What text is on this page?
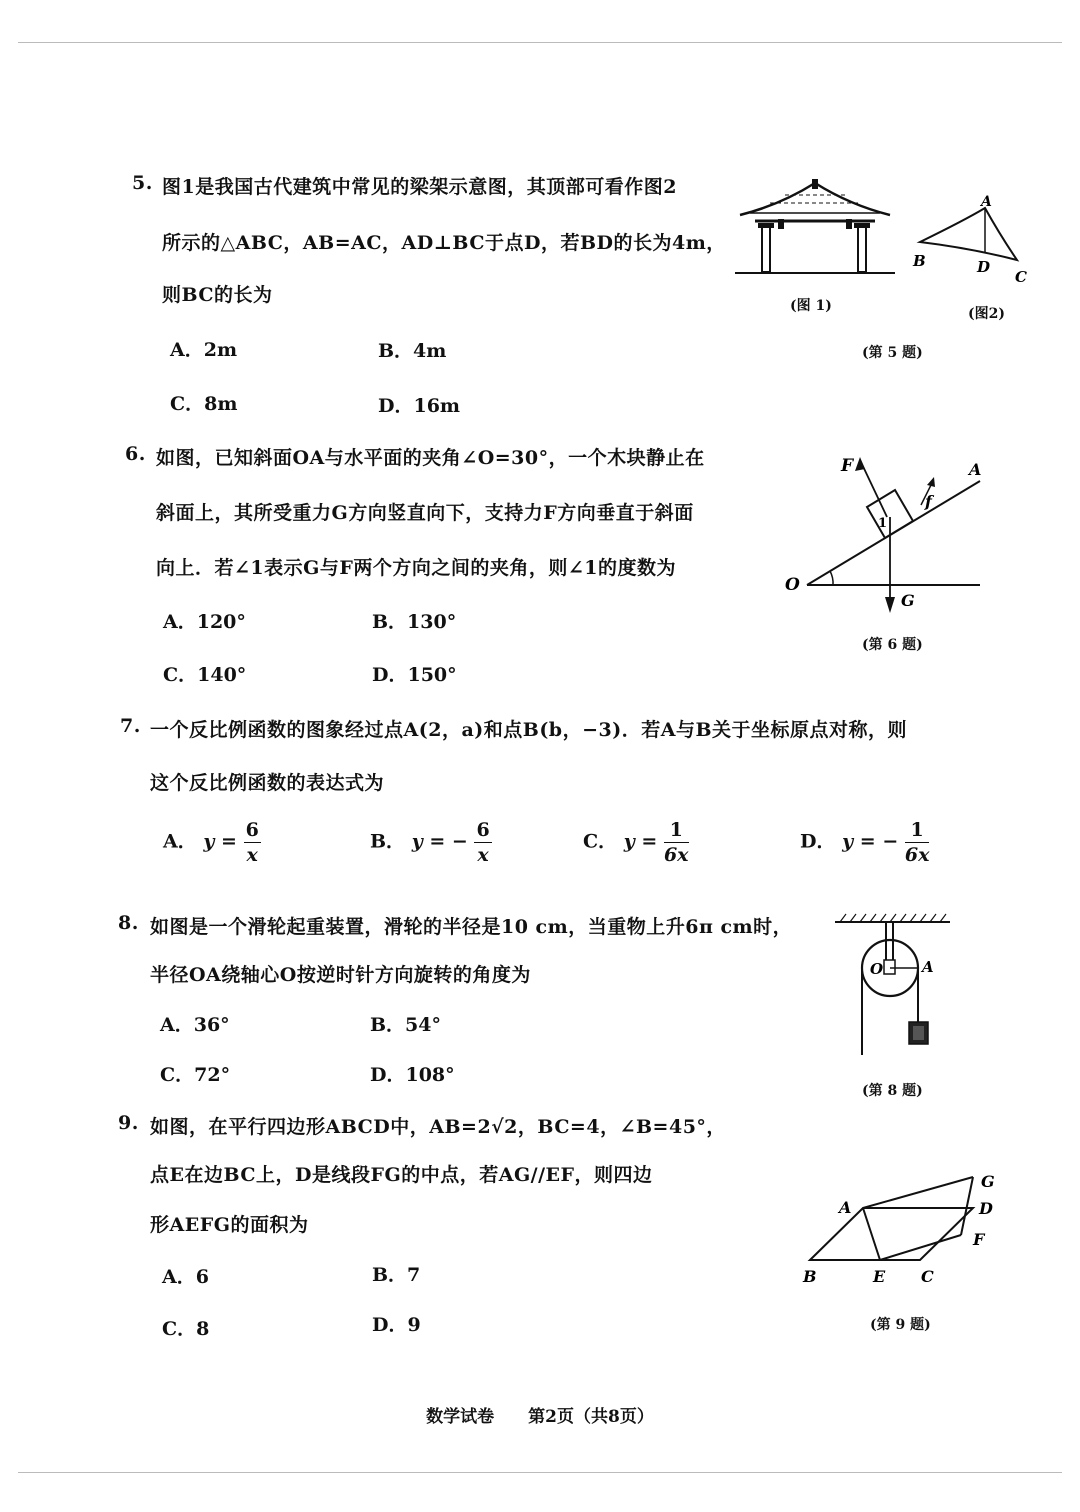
5. 图1是我国古代建筑中常见的梁架示意图，其顶部可看作图2
所示的△ABC，AB=AC，AD⊥BC于点D，若BD的长为4m，
则BC的长为
A．2m	B．4m
C．8m	D．16m
(图 1)
A
B	D
C
(图2)
(第 5 题)
6. 如图，已知斜面OA与水平面的夹角∠O=30°，一个木块静止在
斜面上，其所受重力G方向竖直向下，支持力F方向垂直于斜面
向上．若∠1表示G与F两个方向之间的夹角，则∠1的度数为
A．120°	B．130°
C．140°	D．150°
F
f
A
1
O
G
(第 6 题)
7. 一个反比例函数的图象经过点A(2，a)和点B(b，−3)．若A与B关于坐标原点对称，则
这个反比例函数的表达式为
A． $y = \frac{6}{x}$	B． y = − $\frac{6}{x}$	C． $y = \frac{1}{6x}$	D． y = − $\frac{1}{6x}$
8. 如图是一个滑轮起重装置，滑轮的半径是10 cm，当重物上升6π cm时，
半径OA绕轴心O按逆时针方向旋转的角度为
A．36°	B．54°
C．72°	D．108°
O	A
(第 8 题)
9. 如图，在平行四边形ABCD中，AB=2√2，BC=4，∠B=45°，
点E在边BC上，D是线段FG的中点，若AG//EF，则四边
形AEFG的面积为
A．6	B．7
C．8	D．9
A
G
D
F
B	E C
(第 9 题)
数学试卷　　第2页（共8页）
